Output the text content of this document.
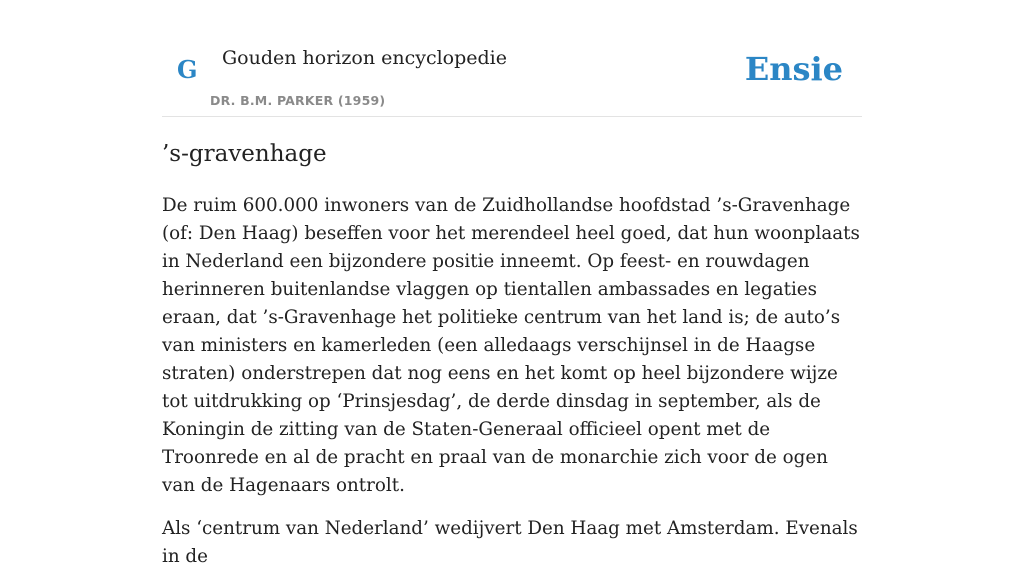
G Gouden horizon encyclopedie
DR. B.M. PARKER (1959)
Ensie
’s-gravenhage

De ruim 600.000 inwoners van de Zuidhollandse hoofdstad ’s-Gravenhage (of: Den Haag) beseffen voor het merendeel heel goed, dat hun woonplaats in Nederland een bijzondere positie inneemt. Op feest- en rouwdagen herinneren buitenlandse vlaggen op tientallen ambassades en legaties eraan, dat ’s-Gravenhage het politieke centrum van het land is; de auto’s van ministers en kamerleden (een alledaags verschijnsel in de Haagse straten) onderstrepen dat nog eens en het komt op heel bijzondere wijze tot uitdrukking op ‘Prinsjesdag’, de derde dinsdag in september, als de Koningin de zitting van de Staten-Generaal officieel opent met de Troonrede en al de pracht en praal van de monarchie zich voor de ogen van de Hagenaars ontrolt.

Als ‘centrum van Nederland’ wedijvert Den Haag met Amsterdam. Evenals in de
